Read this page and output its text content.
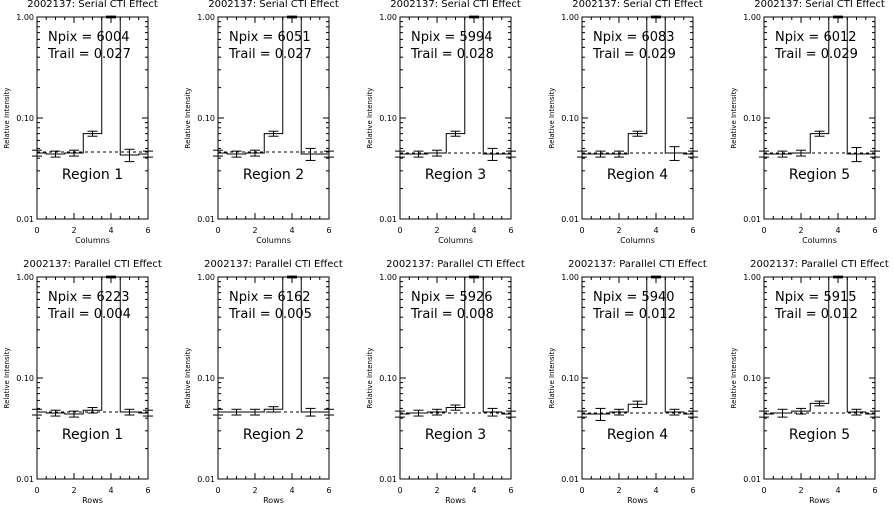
2002137: Serial CTI Effect
0.01
0.10
1.00
0	2	4	6
Columns
Relative Intensity
Npix = 6004
Trail = 0.027
Region 1
2002137: Serial CTI Effect
0.01
0.10
1.00
0	2	4	6
Columns
Relative Intensity
Npix = 6051
Trail = 0.027
Region 2
2002137: Serial CTI Effect
0.01
0.10
1.00
0	2	4	6
Columns
Relative Intensity
Npix = 5994
Trail = 0.028
Region 3
2002137: Serial CTI Effect
0.01
0.10
1.00
0	2	4	6
Columns
Relative Intensity
Npix = 6083
Trail = 0.029
Region 4
2002137: Serial CTI Effect
0.01
0.10
1.00
0	2	4	6
Columns
Relative Intensity
Npix = 6012
Trail = 0.029
Region 5
2002137: Parallel CTI Effect
0.01
0.10
1.00
0	2	4	6
Rows
Relative Intensity
Npix = 6223
Trail = 0.004
Region 1
2002137: Parallel CTI Effect
0.01
0.10
1.00
0	2	4	6
Rows
Relative Intensity
Npix = 6162
Trail = 0.005
Region 2
2002137: Parallel CTI Effect
0.01
0.10
1.00
0	2	4	6
Rows
Relative Intensity
Npix = 5926
Trail = 0.008
Region 3
2002137: Parallel CTI Effect
0.01
0.10
1.00
0	2	4	6
Rows
Relative Intensity
Npix = 5940
Trail = 0.012
Region 4
2002137: Parallel CTI Effect
0.01
0.10
1.00
0	2	4	6
Rows
Relative Intensity
Npix = 5915
Trail = 0.012
Region 5
